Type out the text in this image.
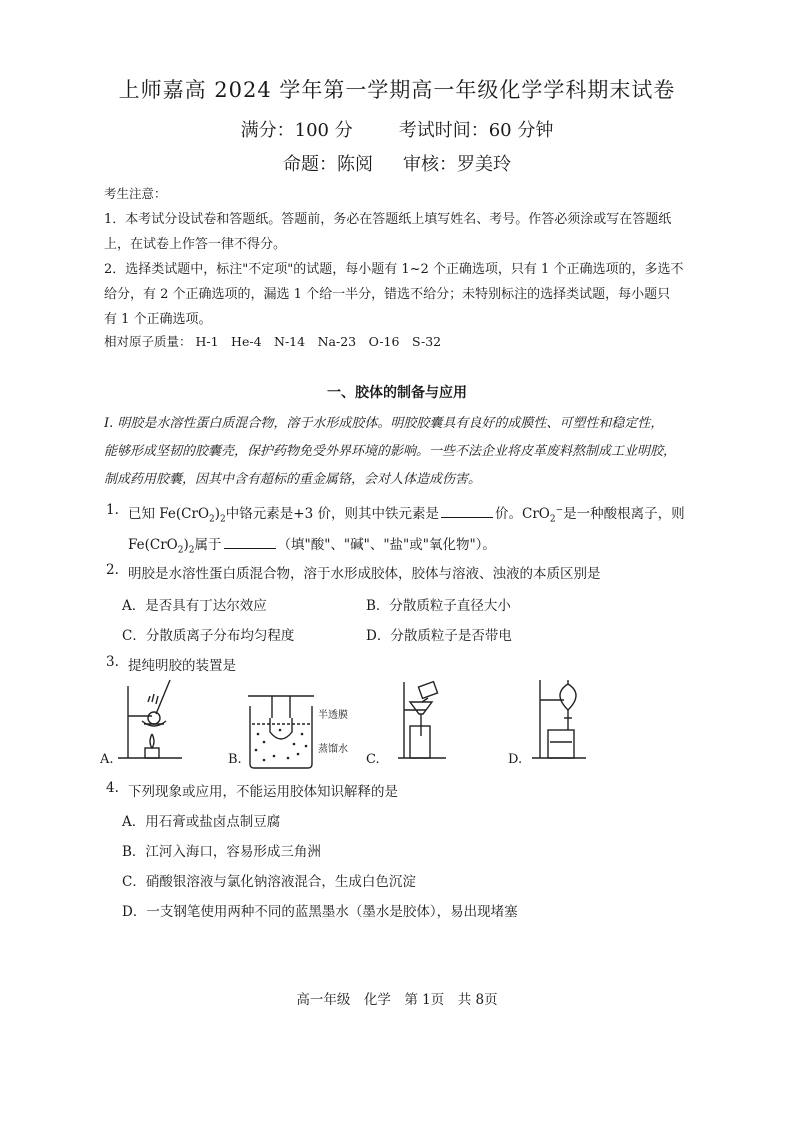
上师嘉高 2024 学年第一学期高一年级化学学科期末试卷
满分：100 分	考试时间：60 分钟
命题：陈阅 审核：罗美玲
考生注意：
1．本考试分设试卷和答题纸。答题前，务必在答题纸上填写姓名、考号。作答必须涂或写在答题纸
上，在试卷上作答一律不得分。
2．选择类试题中，标注"不定项"的试题，每小题有 1~2 个正确选项，只有 1 个正确选项的，多选不
给分，有 2 个正确选项的，漏选 1 个给一半分，错选不给分；未特别标注的选择类试题，每小题只
有 1 个正确选项。
相对原子质量： H-1　He-4　N-14　Na-23　O-16　S-32
一、胶体的制备与应用
I. 明胶是水溶性蛋白质混合物，溶于水形成胶体。明胶胶囊具有良好的成膜性、可塑性和稳定性，
能够形成坚韧的胶囊壳，保护药物免受外界环境的影响。一些不法企业将皮革废料熬制成工业明胶，
制成药用胶囊，因其中含有超标的重金属铬，会对人体造成伤害。
1. 已知 $Fe(CrO_2)_2$中铬元素是+3 价，则其中铁元素是	价。CrO$_2$−是一种酸根离子，则
$Fe(CrO_2)_2$属于	（填"酸"、"碱"、"盐"或"氧化物"）。
2. 明胶是水溶性蛋白质混合物，溶于水形成胶体，胶体与溶液、浊液的本质区别是
A．是否具有丁达尔效应	B．分散质粒子直径大小
C．分散质离子分布均匀程度	D．分散质粒子是否带电
3. 提纯明胶的装置是
A.
半透膜
蒸馏水
B.	C.	D.
4. 下列现象或应用，不能运用胶体知识解释的是
A．用石膏或盐卤点制豆腐
B．江河入海口，容易形成三角洲
C．硝酸银溶液与氯化钠溶液混合，生成白色沉淀
D．一支钢笔使用两种不同的蓝黑墨水（墨水是胶体），易出现堵塞
高一年级　化学　第 1页　共 8页
